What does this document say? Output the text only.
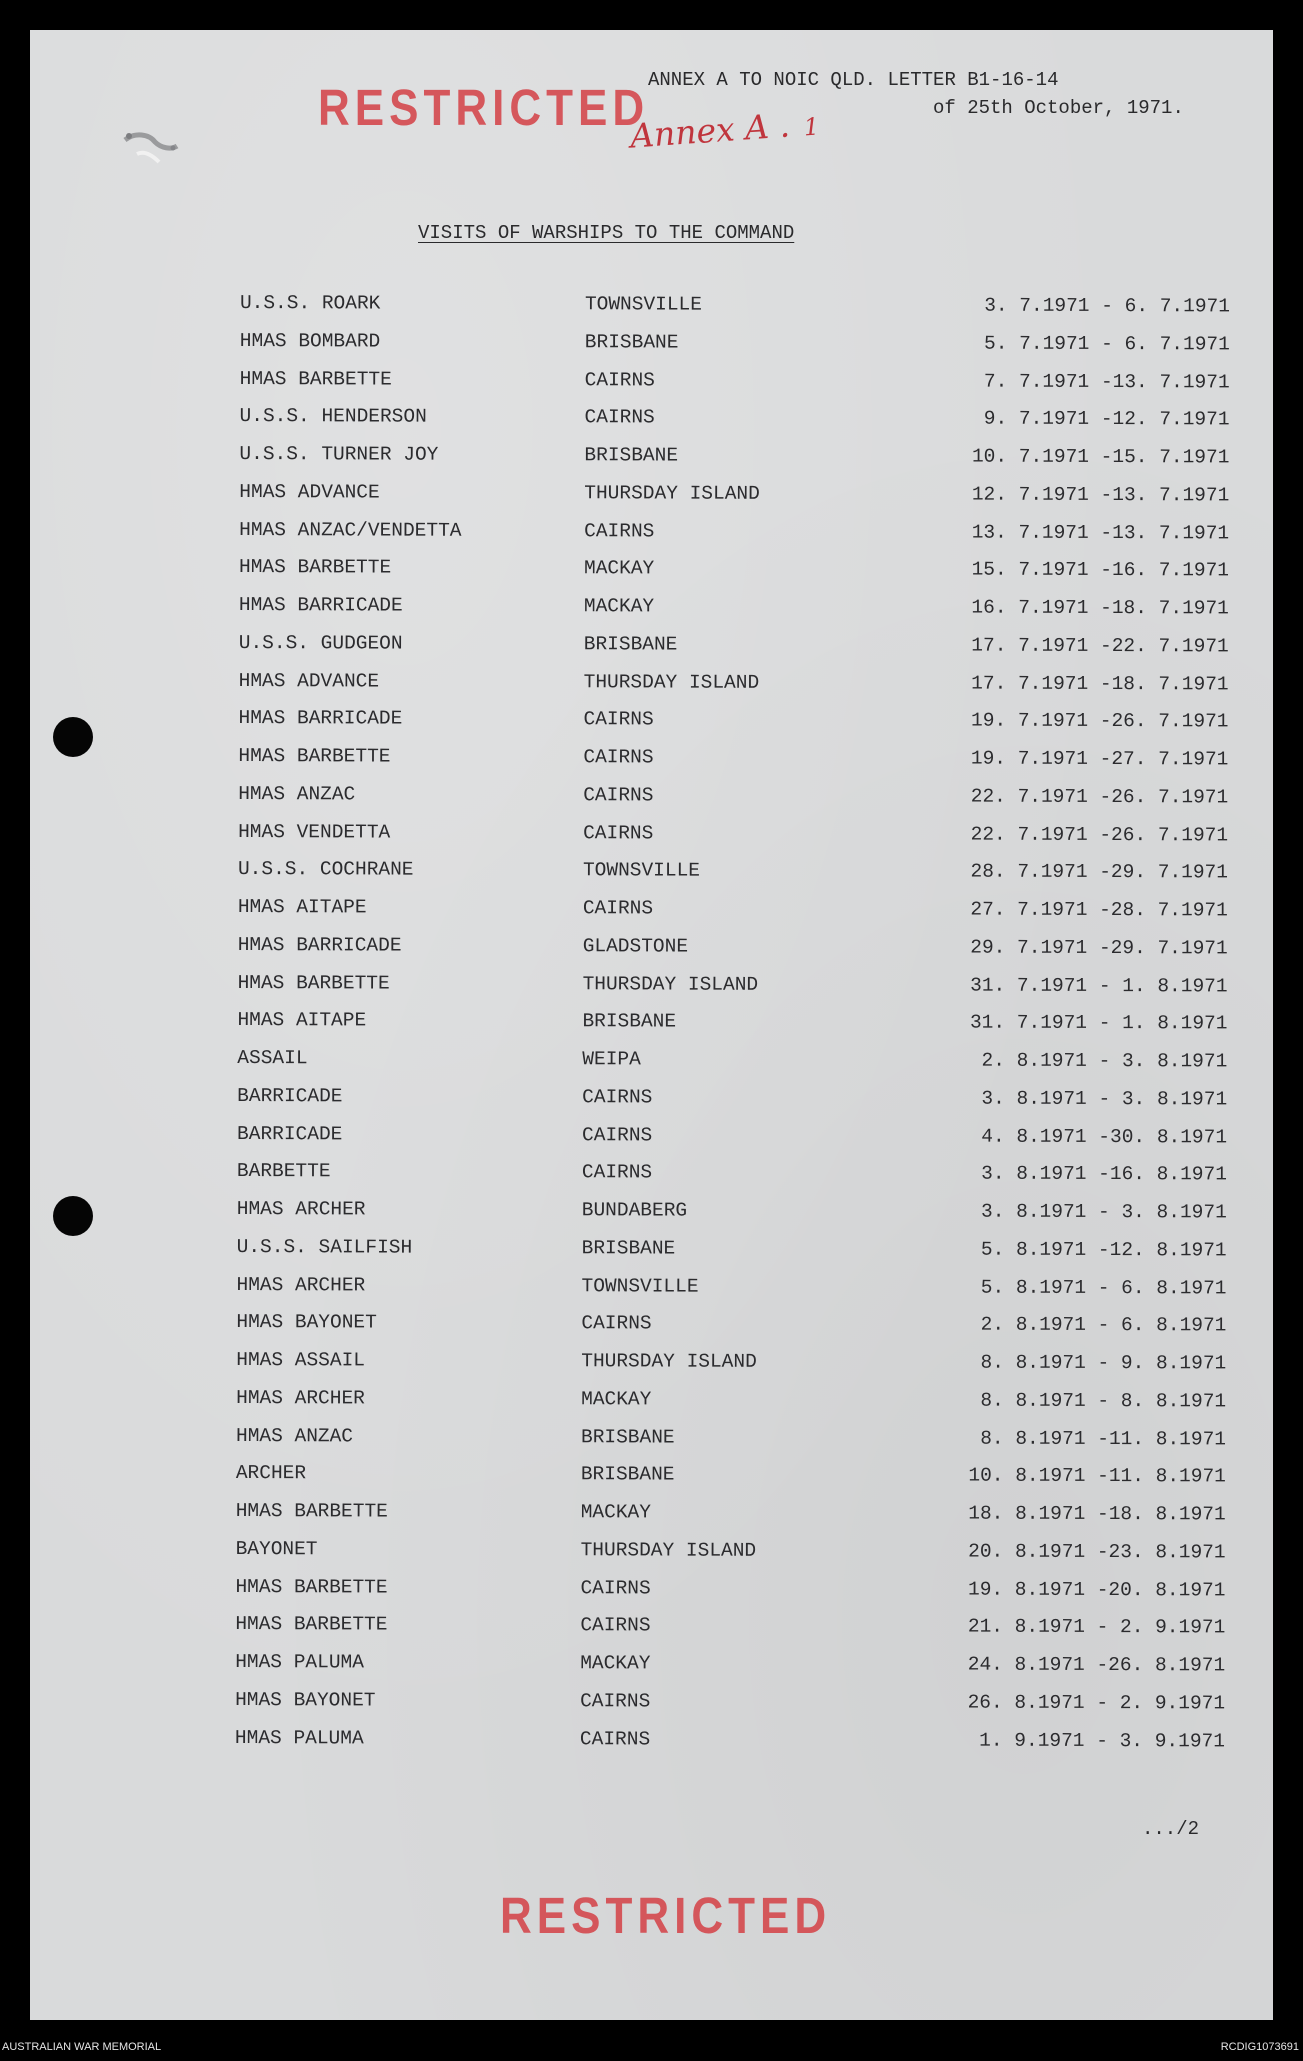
RESTRICTED
ANNEX A TO NOIC QLD. LETTER B1-16-14
of 25th October, 1971.
Annex A . 1
VISITS OF WARSHIPS TO THE COMMAND
U.S.S. ROARK	TOWNSVILLE	3. 7.1971 - 6. 7.1971
HMAS BOMBARD	BRISBANE	5. 7.1971 - 6. 7.1971
HMAS BARBETTE	CAIRNS	7. 7.1971 -13. 7.1971
U.S.S. HENDERSON	CAIRNS	9. 7.1971 -12. 7.1971
U.S.S. TURNER JOY	BRISBANE	10. 7.1971 -15. 7.1971
HMAS ADVANCE	THURSDAY ISLAND	12. 7.1971 -13. 7.1971
HMAS ANZAC/VENDETTA	CAIRNS	13. 7.1971 -13. 7.1971
HMAS BARBETTE	MACKAY	15. 7.1971 -16. 7.1971
HMAS BARRICADE	MACKAY	16. 7.1971 -18. 7.1971
U.S.S. GUDGEON	BRISBANE	17. 7.1971 -22. 7.1971
HMAS ADVANCE	THURSDAY ISLAND	17. 7.1971 -18. 7.1971
HMAS BARRICADE	CAIRNS	19. 7.1971 -26. 7.1971
HMAS BARBETTE	CAIRNS	19. 7.1971 -27. 7.1971
HMAS ANZAC	CAIRNS	22. 7.1971 -26. 7.1971
HMAS VENDETTA	CAIRNS	22. 7.1971 -26. 7.1971
U.S.S. COCHRANE	TOWNSVILLE	28. 7.1971 -29. 7.1971
HMAS AITAPE	CAIRNS	27. 7.1971 -28. 7.1971
HMAS BARRICADE	GLADSTONE	29. 7.1971 -29. 7.1971
HMAS BARBETTE	THURSDAY ISLAND	31. 7.1971 - 1. 8.1971
HMAS AITAPE	BRISBANE	31. 7.1971 - 1. 8.1971
ASSAIL	WEIPA	2. 8.1971 - 3. 8.1971
BARRICADE	CAIRNS	3. 8.1971 - 3. 8.1971
BARRICADE	CAIRNS	4. 8.1971 -30. 8.1971
BARBETTE	CAIRNS	3. 8.1971 -16. 8.1971
HMAS ARCHER	BUNDABERG	3. 8.1971 - 3. 8.1971
U.S.S. SAILFISH	BRISBANE	5. 8.1971 -12. 8.1971
HMAS ARCHER	TOWNSVILLE	5. 8.1971 - 6. 8.1971
HMAS BAYONET	CAIRNS	2. 8.1971 - 6. 8.1971
HMAS ASSAIL	THURSDAY ISLAND	8. 8.1971 - 9. 8.1971
HMAS ARCHER	MACKAY	8. 8.1971 - 8. 8.1971
HMAS ANZAC	BRISBANE	8. 8.1971 -11. 8.1971
ARCHER	BRISBANE	10. 8.1971 -11. 8.1971
HMAS BARBETTE	MACKAY	18. 8.1971 -18. 8.1971
BAYONET	THURSDAY ISLAND	20. 8.1971 -23. 8.1971
HMAS BARBETTE	CAIRNS	19. 8.1971 -20. 8.1971
HMAS BARBETTE	CAIRNS	21. 8.1971 - 2. 9.1971
HMAS PALUMA	MACKAY	24. 8.1971 -26. 8.1971
HMAS BAYONET	CAIRNS	26. 8.1971 - 2. 9.1971
HMAS PALUMA	CAIRNS	1. 9.1971 - 3. 9.1971
.../2
RESTRICTED
AUSTRALIAN WAR MEMORIAL	RCDIG1073691
